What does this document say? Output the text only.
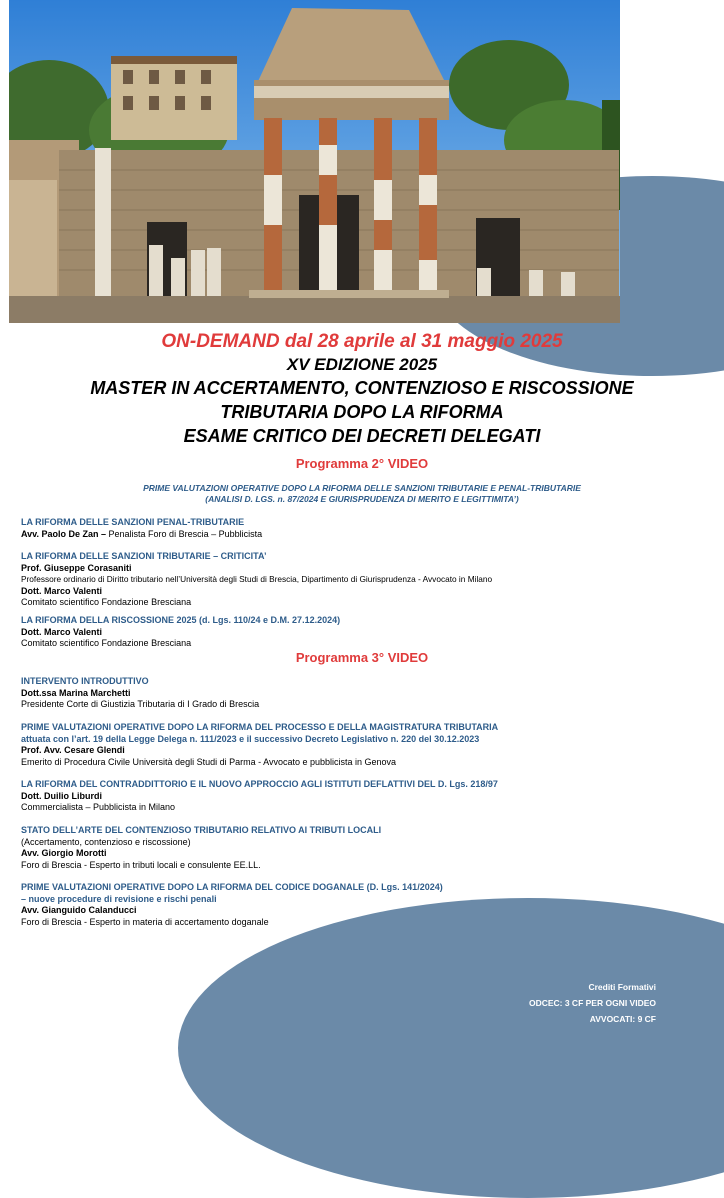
ON-DEMAND dal 28 aprile al 31 maggio 2025
XV EDIZIONE 2025
MASTER IN ACCERTAMENTO, CONTENZIOSO E RISCOSSIONE
TRIBUTARIA DOPO LA RIFORMA
ESAME CRITICO DEI DECRETI DELEGATI
Programma 2° VIDEO
PRIME VALUTAZIONI OPERATIVE DOPO LA RIFORMA DELLE SANZIONI TRIBUTARIE E PENAL-TRIBUTARIE
(ANALISI D. LGS. n. 87/2024 E GIURISPRUDENZA DI MERITO E LEGITTIMITA’)
LA RIFORMA DELLE SANZIONI PENAL-TRIBUTARIE
Avv. Paolo De Zan – Penalista Foro di Brescia – Pubblicista
LA RIFORMA DELLE SANZIONI TRIBUTARIE – CRITICITA’
Prof. Giuseppe Corasaniti
Professore ordinario di Diritto tributario nell’Università degli Studi di Brescia, Dipartimento di Giurisprudenza - Avvocato in Milano
Dott. Marco Valenti
Comitato scientifico Fondazione Bresciana
LA RIFORMA DELLA RISCOSSIONE 2025 (d. Lgs. 110/24 e D.M. 27.12.2024)
Dott. Marco Valenti
Comitato scientifico Fondazione Bresciana
Programma 3° VIDEO
INTERVENTO INTRODUTTIVO
Dott.ssa Marina Marchetti
Presidente Corte di Giustizia Tributaria di I Grado di Brescia
PRIME VALUTAZIONI OPERATIVE DOPO LA RIFORMA DEL PROCESSO E DELLA MAGISTRATURA TRIBUTARIA
attuata con l’art. 19 della Legge Delega n. 111/2023 e il successivo Decreto Legislativo n. 220 del 30.12.2023
Prof. Avv. Cesare Glendi
Emerito di Procedura Civile Università degli Studi di Parma - Avvocato e pubblicista in Genova
LA RIFORMA DEL CONTRADDITTORIO E IL NUOVO APPROCCIO AGLI ISTITUTI DEFLATTIVI DEL D. Lgs. 218/97
Dott. Duilio Liburdi
Commercialista – Pubblicista in Milano
STATO DELL’ARTE DEL CONTENZIOSO TRIBUTARIO RELATIVO AI TRIBUTI LOCALI
(Accertamento, contenzioso e riscossione)
Avv. Giorgio Morotti
Foro di Brescia - Esperto in tributi locali e consulente EE.LL.
PRIME VALUTAZIONI OPERATIVE DOPO LA RIFORMA DEL CODICE DOGANALE (D. Lgs. 141/2024)
– nuove procedure di revisione e rischi penali
Avv. Gianguido Calanducci
Foro di Brescia - Esperto in materia di accertamento doganale
Crediti Formativi
ODCEC: 3 CF PER OGNI VIDEO
AVVOCATI: 9 CF
